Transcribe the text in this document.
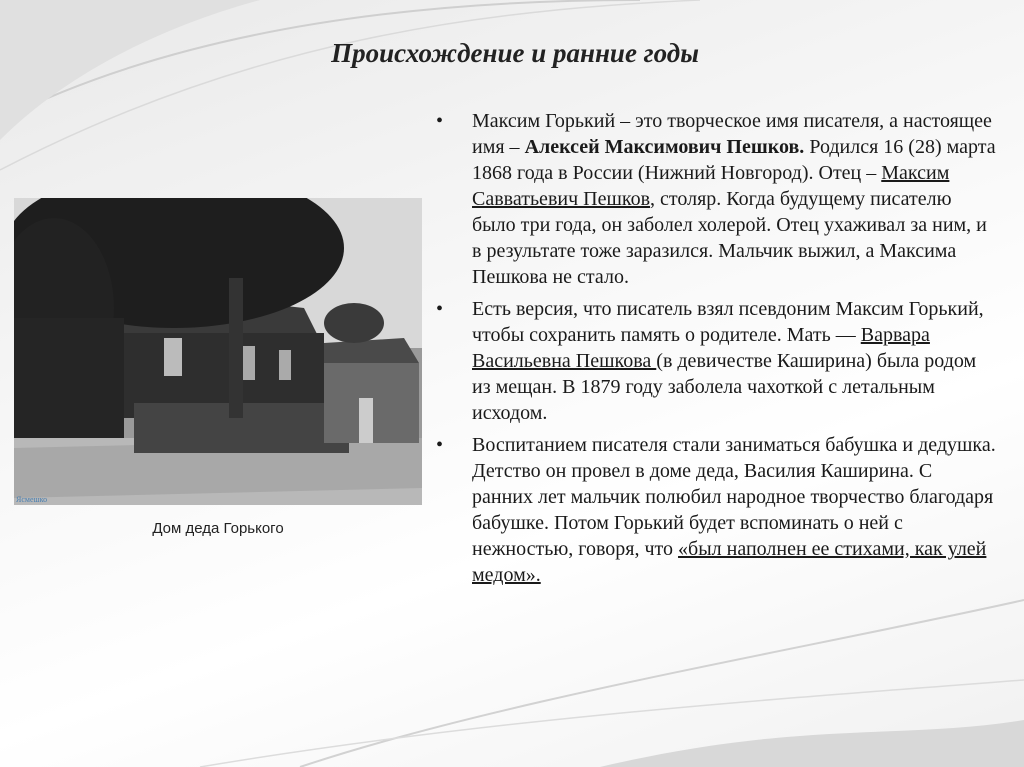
Происхождение и ранние годы
Ясмешко
Дом деда Горького
• Максим Горький – это творческое имя писателя, а настоящее имя – Алексей Максимович Пешков. Родился 16 (28) марта 1868 года в России (Нижний Новгород). Отец – Максим Савватьевич Пешков, столяр. Когда будущему писателю было три года, он заболел холерой. Отец ухаживал за ним, и в результате тоже заразился. Мальчик выжил, а Максима Пешкова не стало.
• Есть версия, что писатель взял псевдоним Максим Горький, чтобы сохранить память о родителе. Мать — Варвара Васильевна Пешкова (в девичестве Каширина) была родом из мещан. В 1879 году заболела чахоткой с летальным исходом.
• Воспитанием писателя стали заниматься бабушка и дедушка. Детство он провел в доме деда, Василия Каширина. С ранних лет мальчик полюбил народное творчество благодаря бабушке. Потом Горький будет вспоминать о ней с нежностью, говоря, что «был наполнен ее стихами, как улей медом».
